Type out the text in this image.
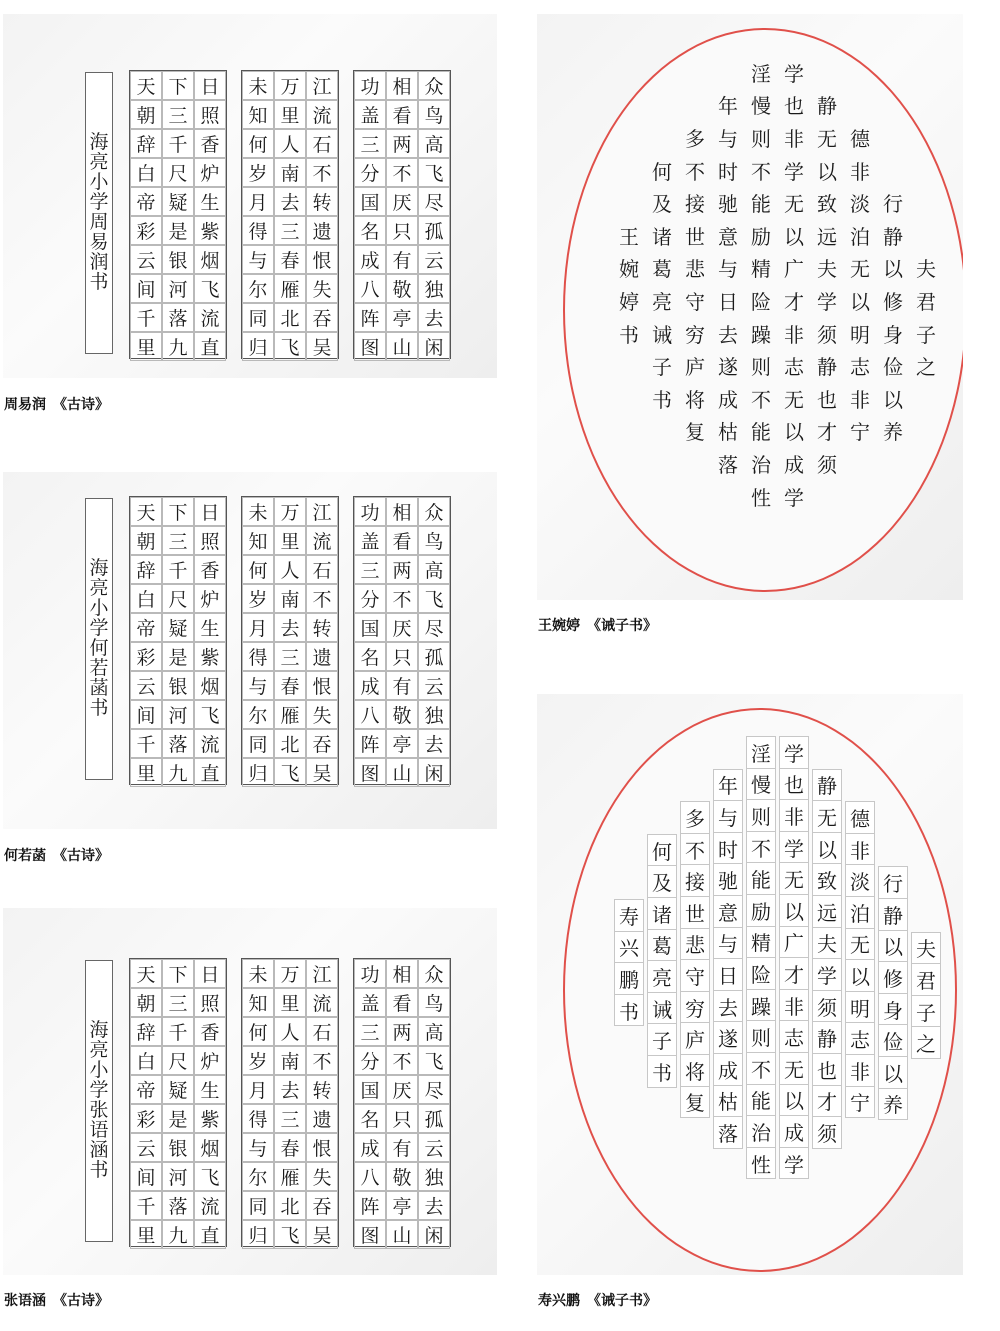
海
亮
小
学
周
易
润
书
天 下 日
朝 三 照
辞 千 香
白 尺 炉
帝 疑 生
彩 是 紫
云 银 烟
间 河 飞
千 落 流
里 九 直
未 万 江
知 里 流
何 人 石
岁 南 不
月 去 转
得 三 遗
与 春 恨
尔 雁 失
同 北 吞
归 飞 吴
功 相 众
盖 看 鸟
三 两 高
分 不 飞
国 厌 尽
名 只 孤
成 有 云
八 敬 独
阵 亭 去
图 山 闲
周易润　《古诗》
海
亮
小
学
何
若
菡
书
天 下 日
朝 三 照
辞 千 香
白 尺 炉
帝 疑 生
彩 是 紫
云 银 烟
间 河 飞
千 落 流
里 九 直
未 万 江
知 里 流
何 人 石
岁 南 不
月 去 转
得 三 遗
与 春 恨
尔 雁 失
同 北 吞
归 飞 吴
功 相 众
盖 看 鸟
三 两 高
分 不 飞
国 厌 尽
名 只 孤
成 有 云
八 敬 独
阵 亭 去
图 山 闲
何若菡　《古诗》
海
亮
小
学
张
语
涵
书
天 下 日
朝 三 照
辞 千 香
白 尺 炉
帝 疑 生
彩 是 紫
云 银 烟
间 河 飞
千 落 流
里 九 直
未 万 江
知 里 流
何 人 石
岁 南 不
月 去 转
得 三 遗
与 春 恨
尔 雁 失
同 北 吞
归 飞 吴
功 相 众
盖 看 鸟
三 两 高
分 不 飞
国 厌 尽
名 只 孤
成 有 云
八 敬 独
阵 亭 去
图 山 闲
张语涵　《古诗》
夫
君
子
之
行
静
以
修
身
俭
以
养
德
非
淡
泊
无
以
明
志
非
宁
静
无
以
致
远
夫
学
须
静
也
才
须
学
也
非
学
无
以
广
才
非
志
无
以
成
学
淫
慢
则
不
能
励
精
险
躁
则
不
能
治
性
年
与
时
驰
意
与
日
去
遂
成
枯
落
多
不
接
世
悲
守
穷
庐
将
复
何
及
诸
葛
亮
诫
子
书
王
婉
婷
书
王婉婷　《诫子书》
夫
君
子
之
行
静
以
修
身
俭
以
养
德
非
淡
泊
无
以
明
志
非
宁
静
无
以
致
远
夫
学
须
静
也
才
须
学
也
非
学
无
以
广
才
非
志
无
以
成
学
淫
慢
则
不
能
励
精
险
躁
则
不
能
治
性
年
与
时
驰
意
与
日
去
遂
成
枯
落
多
不
接
世
悲
守
穷
庐
将
复
何
及
诸
葛
亮
诫
子
书
寿
兴
鹏
书
寿兴鹏　《诫子书》
